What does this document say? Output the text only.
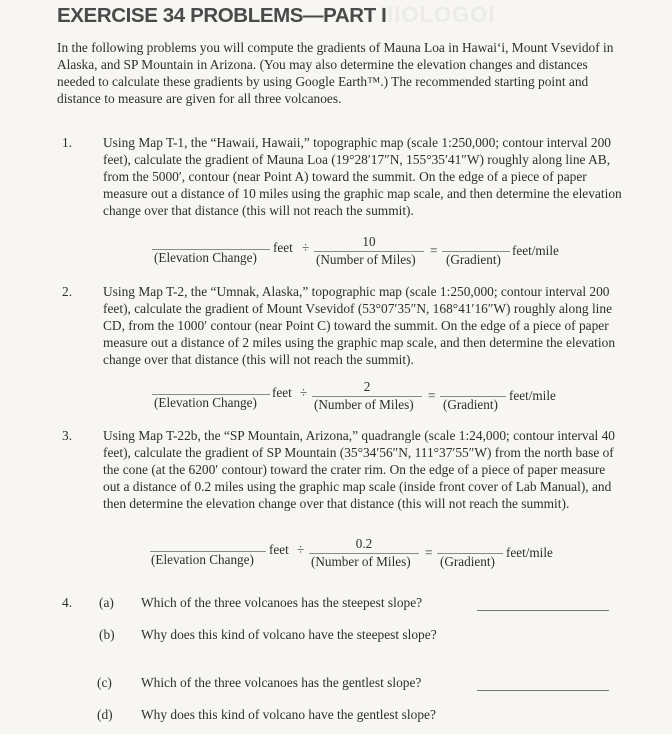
IIIOLOGOI
EXERCISE 34 PROBLEMS—PART I

In the following problems you will compute the gradients of Mauna Loa in Hawaiʻi, Mount Vsevidof in Alaska, and SP Mountain in Arizona. (You may also determine the elevation changes and distances needed to calculate these gradients by using Google Earth™.) The recommended starting point and distance to measure are given for all three volcanoes.

1. Using Map T-1, the “Hawaii, Hawaii,” topographic map (scale 1:250,000; contour interval 200 feet), calculate the gradient of Mauna Loa (19°28′17″N, 155°35′41″W) roughly along line AB, from the 5000′, contour (near Point A) toward the summit. On the edge of a piece of paper measure out a distance of 10 miles using the graphic map scale, and then determine the elevation change over that distance (this will not reach the summit).

(Elevation Change)
feet ÷	10
(Number of Miles)
=
(Gradient)
feet/mile
2. Using Map T-2, the “Umnak, Alaska,” topographic map (scale 1:250,000; contour interval 200 feet), calculate the gradient of Mount Vsevidof (53°07′35″N, 168°41′16″W) roughly along line CD, from the 1000′ contour (near Point C) toward the summit. On the edge of a piece of paper measure out a distance of 2 miles using the graphic map scale, and then determine the elevation change over that distance (this will not reach the summit).

(Elevation Change)
feet ÷	2
(Number of Miles)
=
(Gradient)
feet/mile
3. Using Map T-22b, the “SP Mountain, Arizona,” quadrangle (scale 1:24,000; contour interval 40 feet), calculate the gradient of SP Mountain (35°34′56″N, 111°37′55″W) from the north base of the cone (at the 6200′ contour) toward the crater rim. On the edge of a piece of paper measure out a distance of 0.2 miles using the graphic map scale (inside front cover of Lab Manual), and then determine the elevation change over that distance (this will not reach the summit).

(Elevation Change)
feet ÷	0.2
(Number of Miles)
=
(Gradient)
feet/mile
4. (a) Which of the three volcanoes has the steepest slope?
(b) Why does this kind of volcano have the steepest slope?
(c) Which of the three volcanoes has the gentlest slope?
(d) Why does this kind of volcano have the gentlest slope?
